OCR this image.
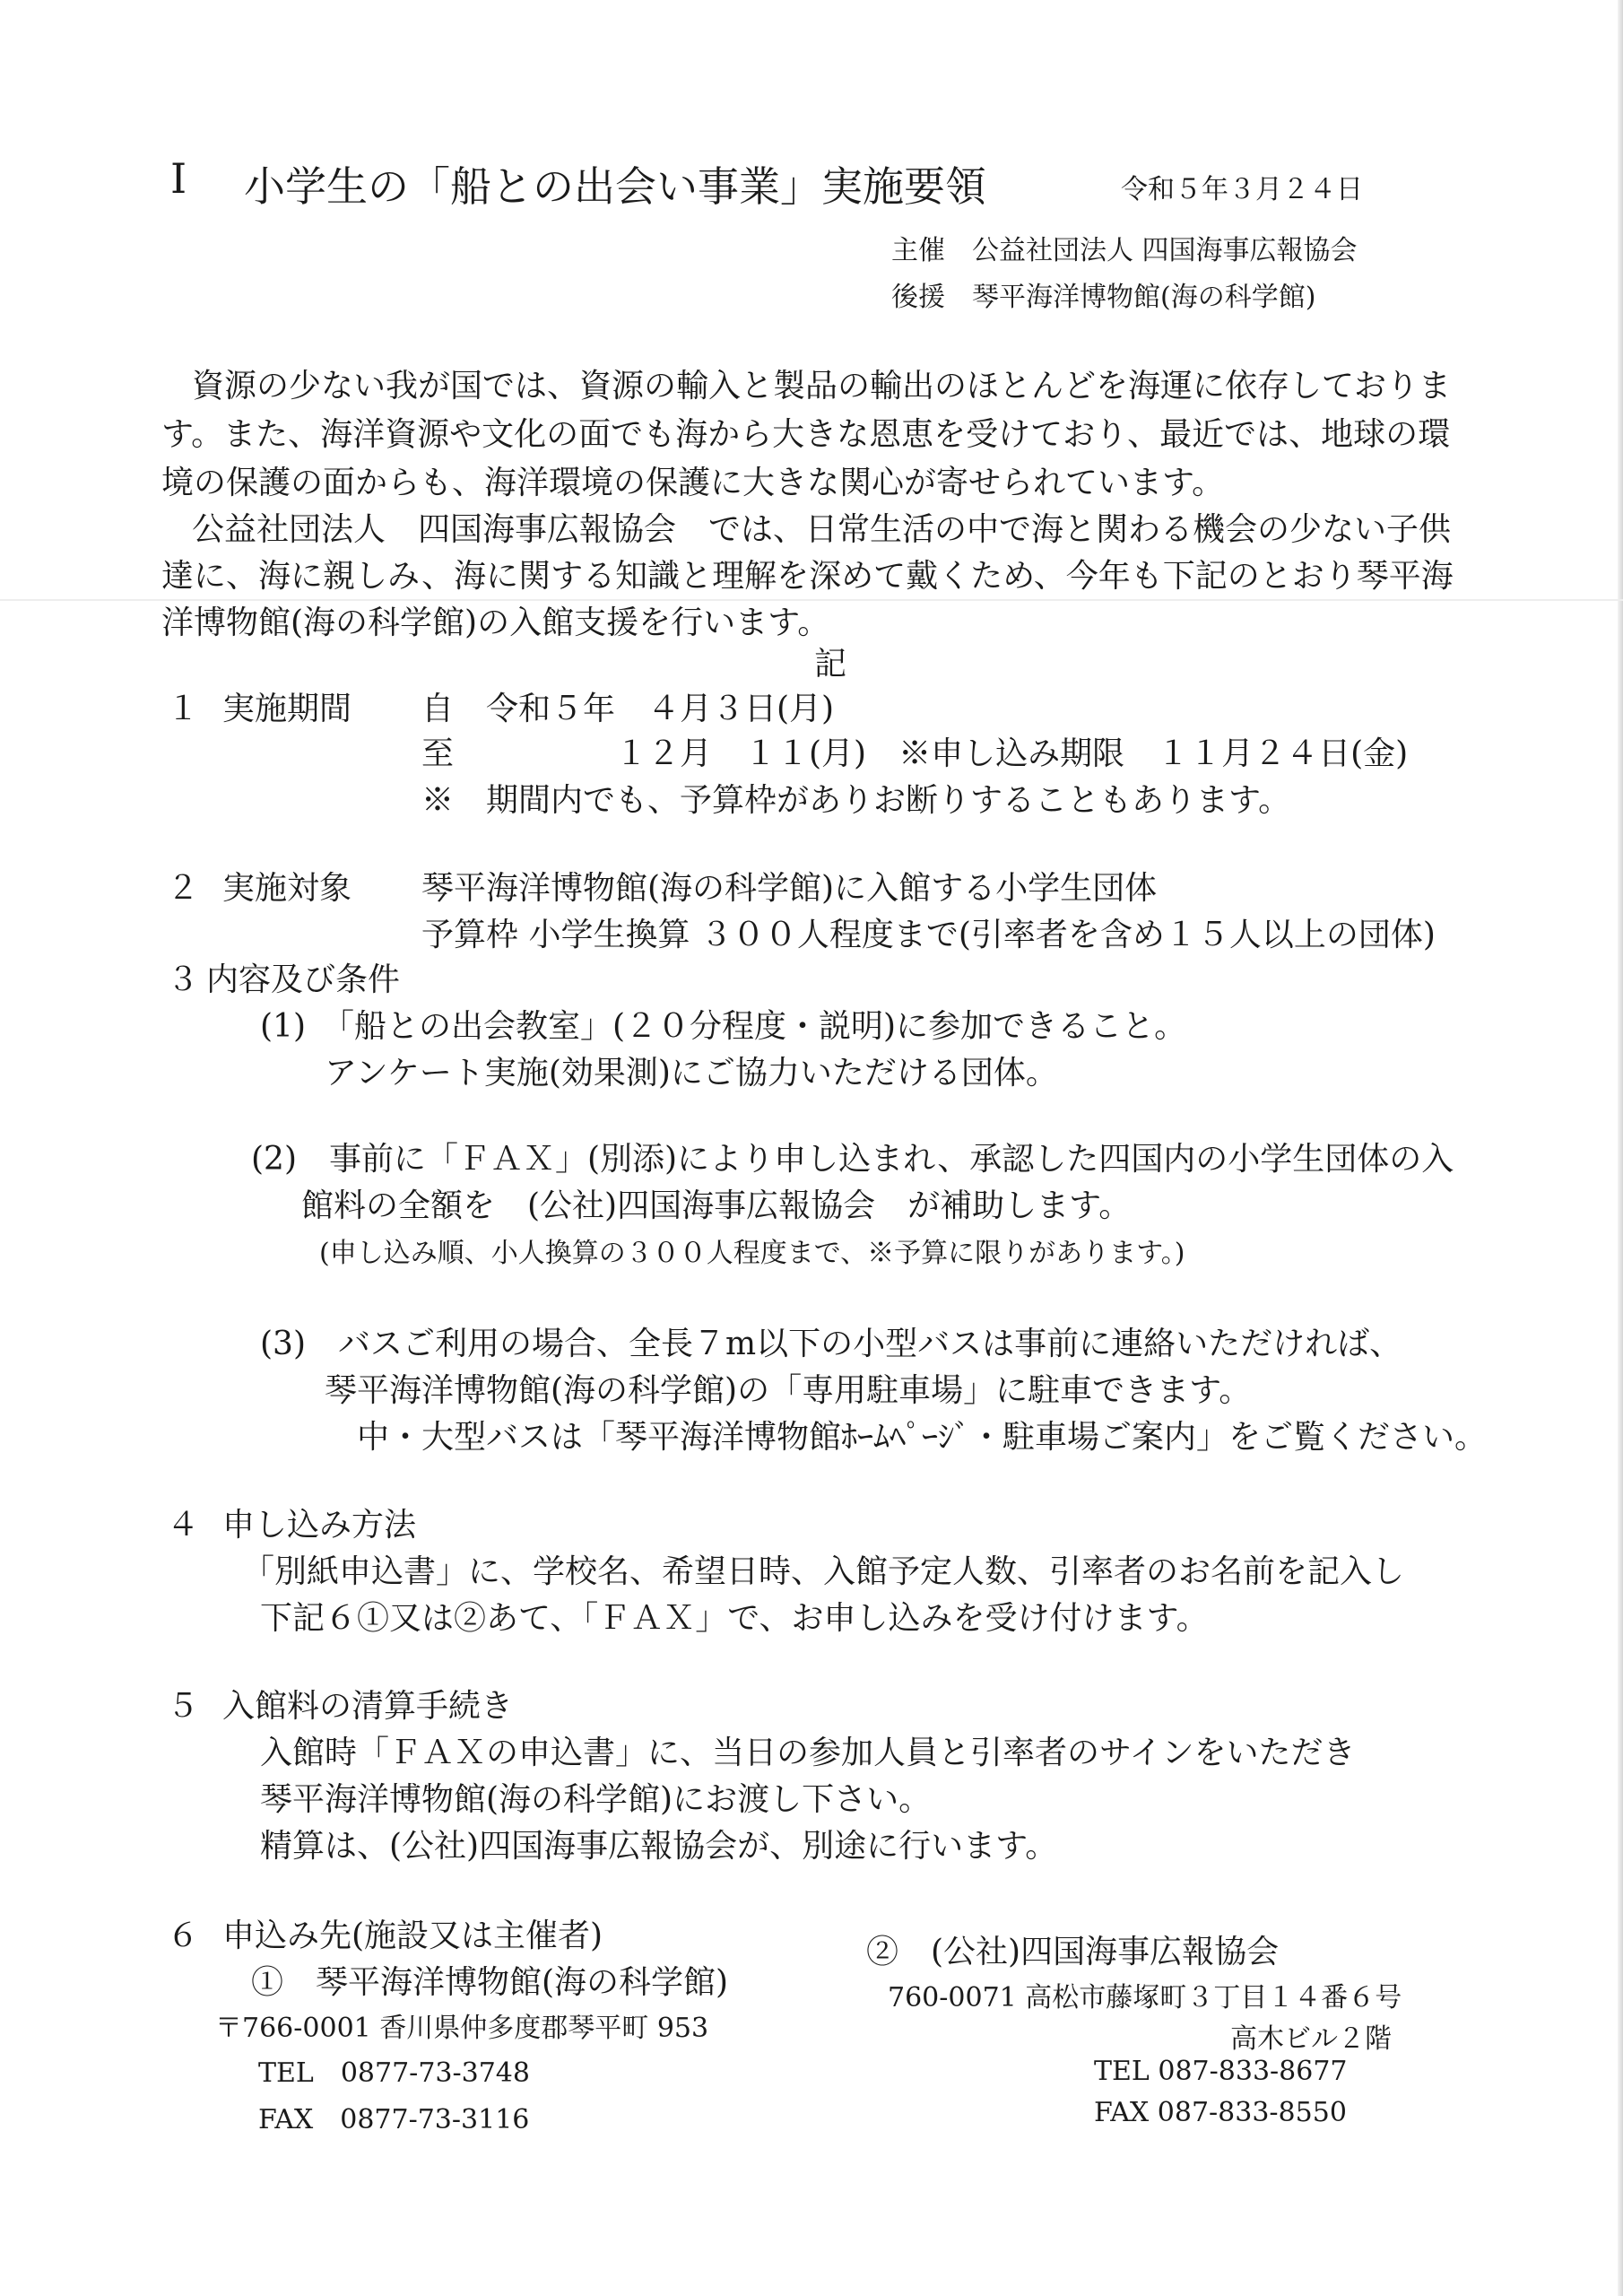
I 小学生の「船との出会い事業」実施要領	令和５年３月２４日
主催　公益社団法人 四国海事広報協会
後援　琴平海洋博物館(海の科学館)
資源の少ない我が国では、資源の輸入と製品の輸出のほとんどを海運に依存しておりま
す。また、海洋資源や文化の面でも海から大きな恩恵を受けており、最近では、地球の環
境の保護の面からも、海洋環境の保護に大きな関心が寄せられています。
公益社団法人　四国海事広報協会　では、日常生活の中で海と関わる機会の少ない子供
達に、海に親しみ、海に関する知識と理解を深めて戴くため、今年も下記のとおり琴平海
洋博物館(海の科学館)の入館支援を行います。
記
１ 実施期間 自　令和５年　４月３日(月)
至　　　　　１２月　１１(月)　※申し込み期限　１１月２４日(金)
※　期間内でも、予算枠がありお断りすることもあります。
２ 実施対象 琴平海洋博物館(海の科学館)に入館する小学生団体
予算枠 小学生換算 ３００人程度まで(引率者を含め１５人以上の団体)
３ 内容及び条件
(1)　「船との出会教室」(２０分程度・説明)に参加できること。
アンケート実施(効果測)にご協力いただける団体。
(2)　事前に「ＦＡＸ」(別添)により申し込まれ、承認した四国内の小学生団体の入
館料の全額を　(公社)四国海事広報協会　が補助します。
(申し込み順、小人換算の３００人程度まで、※予算に限りがあります。)
(3)　バスご利用の場合、全長７m以下の小型バスは事前に連絡いただければ、
琴平海洋博物館(海の科学館)の「専用駐車場」に駐車できます。
中・大型バスは「琴平海洋博物館ﾎｰﾑﾍﾟｰｼﾞ・駐車場ご案内」をご覧ください。
４ 申し込み方法
「別紙申込書」に、学校名、希望日時、入館予定人数、引率者のお名前を記入し
下記６①又は②あて、「ＦＡＸ」で、お申し込みを受け付けます。
５ 入館料の清算手続き
入館時「ＦＡＸの申込書」に、当日の参加人員と引率者のサインをいただき
琴平海洋博物館(海の科学館)にお渡し下さい。
精算は、(公社)四国海事広報協会が、別途に行います。
６ 申込み先(施設又は主催者)
①　琴平海洋博物館(海の科学館)
〒766-0001 香川県仲多度郡琴平町 953
TEL　0877-73-3748
FAX　0877-73-3116
②　(公社)四国海事広報協会
760-0071 高松市藤塚町３丁目１４番６号
高木ビル２階
TEL 087-833-8677
FAX 087-833-8550
